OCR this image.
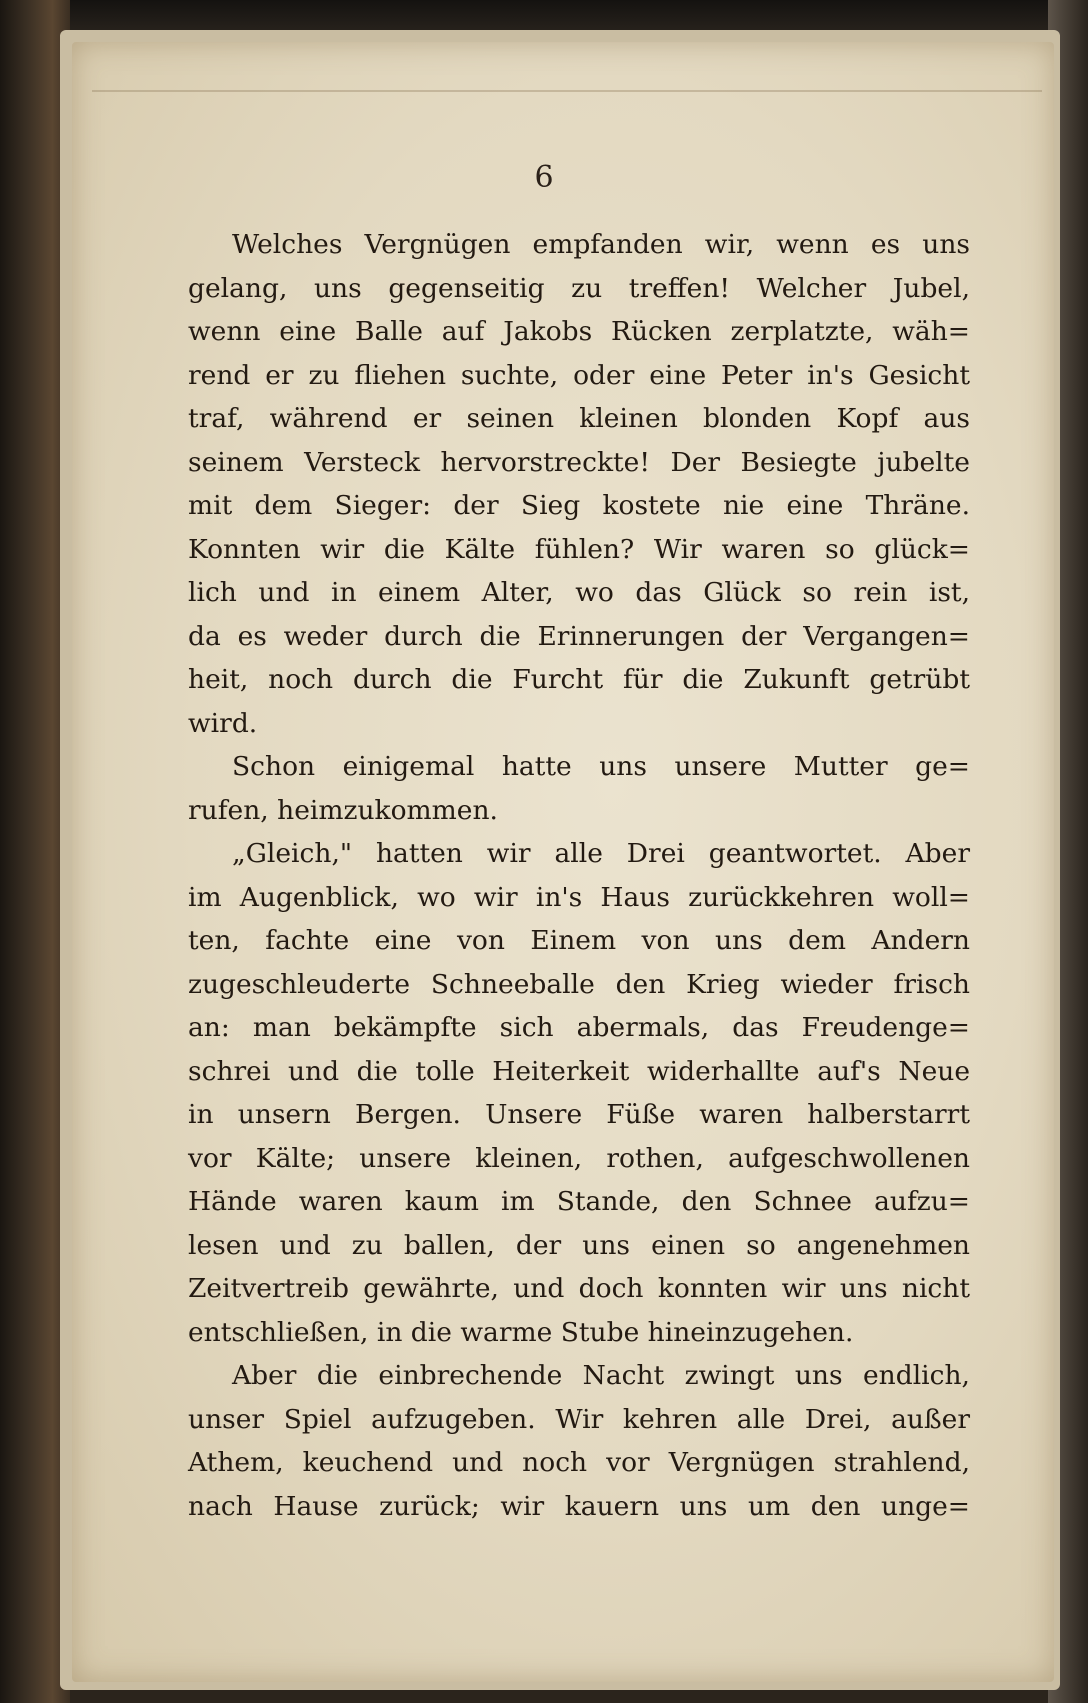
6
Welches Vergnügen empfanden wir, wenn es uns
gelang, uns gegenseitig zu treffen! Welcher Jubel,
wenn eine Balle auf Jakobs Rücken zerplatzte, wäh=
rend er zu fliehen suchte, oder eine Peter in's Gesicht
traf, während er seinen kleinen blonden Kopf aus
seinem Versteck hervorstreckte! Der Besiegte jubelte
mit dem Sieger: der Sieg kostete nie eine Thräne.
Konnten wir die Kälte fühlen? Wir waren so glück=
lich und in einem Alter, wo das Glück so rein ist,
da es weder durch die Erinnerungen der Vergangen=
heit, noch durch die Furcht für die Zukunft getrübt
wird.
Schon einigemal hatte uns unsere Mutter ge=
rufen, heimzukommen.
„Gleich," hatten wir alle Drei geantwortet. Aber
im Augenblick, wo wir in's Haus zurückkehren woll=
ten, fachte eine von Einem von uns dem Andern
zugeschleuderte Schneeballe den Krieg wieder frisch
an: man bekämpfte sich abermals, das Freudenge=
schrei und die tolle Heiterkeit widerhallte auf's Neue
in unsern Bergen. Unsere Füße waren halberstarrt
vor Kälte; unsere kleinen, rothen, aufgeschwollenen
Hände waren kaum im Stande, den Schnee aufzu=
lesen und zu ballen, der uns einen so angenehmen
Zeitvertreib gewährte, und doch konnten wir uns nicht
entschließen, in die warme Stube hineinzugehen.
Aber die einbrechende Nacht zwingt uns endlich,
unser Spiel aufzugeben. Wir kehren alle Drei, außer
Athem, keuchend und noch vor Vergnügen strahlend,
nach Hause zurück; wir kauern uns um den unge=
